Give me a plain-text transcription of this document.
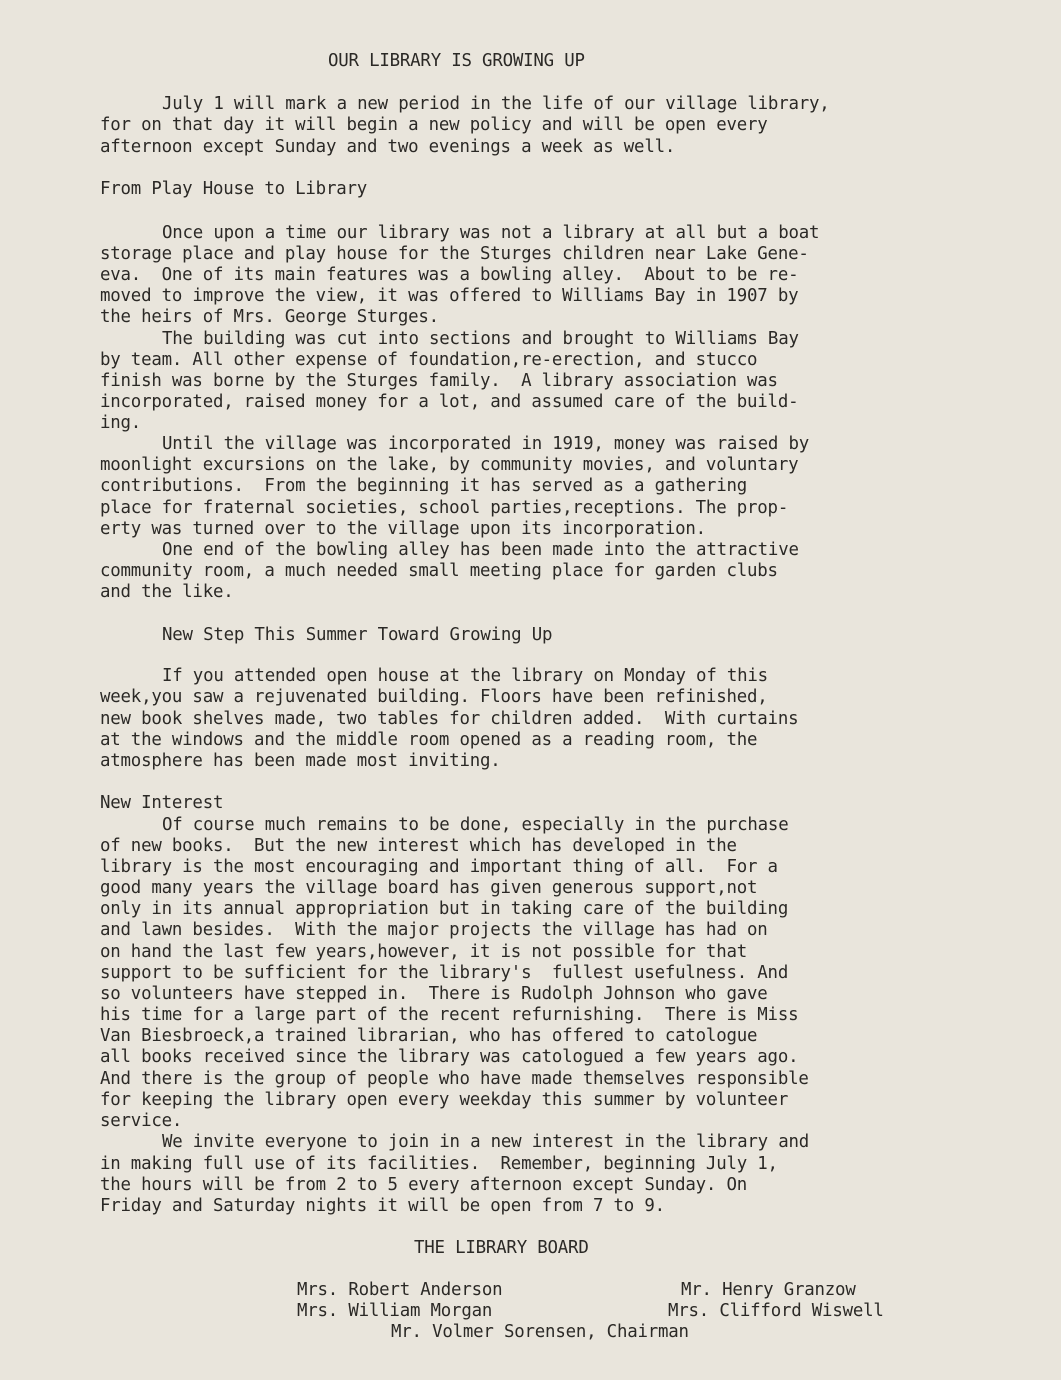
OUR LIBRARY IS GROWING UP
July 1 will mark a new period in the life of our village library,
for on that day it will begin a new policy and will be open every
afternoon except Sunday and two evenings a week as well.
From Play House to Library
Once upon a time our library was not a library at all but a boat
storage place and play house for the Sturges children near Lake Gene-
eva.  One of its main features was a bowling alley.  About to be re-
moved to improve the view, it was offered to Williams Bay in 1907 by
the heirs of Mrs. George Sturges.
The building was cut into sections and brought to Williams Bay
by team. All other expense of foundation,re-erection, and stucco
finish was borne by the Sturges family.  A library association was
incorporated, raised money for a lot, and assumed care of the build-
ing.
Until the village was incorporated in 1919, money was raised by
moonlight excursions on the lake, by community movies, and voluntary
contributions.  From the beginning it has served as a gathering
place for fraternal societies, school parties,receptions. The prop-
erty was turned over to the village upon its incorporation.
One end of the bowling alley has been made into the attractive
community room, a much needed small meeting place for garden clubs
and the like.
New Step This Summer Toward Growing Up
If you attended open house at the library on Monday of this
week,you saw a rejuvenated building. Floors have been refinished,
new book shelves made, two tables for children added.  With curtains
at the windows and the middle room opened as a reading room, the
atmosphere has been made most inviting.
New Interest
Of course much remains to be done, especially in the purchase
of new books.  But the new interest which has developed in the
library is the most encouraging and important thing of all.  For a
good many years the village board has given generous support,not
only in its annual appropriation but in taking care of the building
and lawn besides.  With the major projects the village has had on
on hand the last few years,however, it is not possible for that
support to be sufficient for the library's  fullest usefulness. And
so volunteers have stepped in.  There is Rudolph Johnson who gave
his time for a large part of the recent refurnishing.  There is Miss
Van Biesbroeck,a trained librarian, who has offered to catologue
all books received since the library was catologued a few years ago.
And there is the group of people who have made themselves responsible
for keeping the library open every weekday this summer by volunteer
service.
We invite everyone to join in a new interest in the library and
in making full use of its facilities.  Remember, beginning July 1,
the hours will be from 2 to 5 every afternoon except Sunday. On
Friday and Saturday nights it will be open from 7 to 9.
THE LIBRARY BOARD
Mrs. Robert Anderson	Mr. Henry Granzow
Mrs. William Morgan	Mrs. Clifford Wiswell
Mr. Volmer Sorensen, Chairman
